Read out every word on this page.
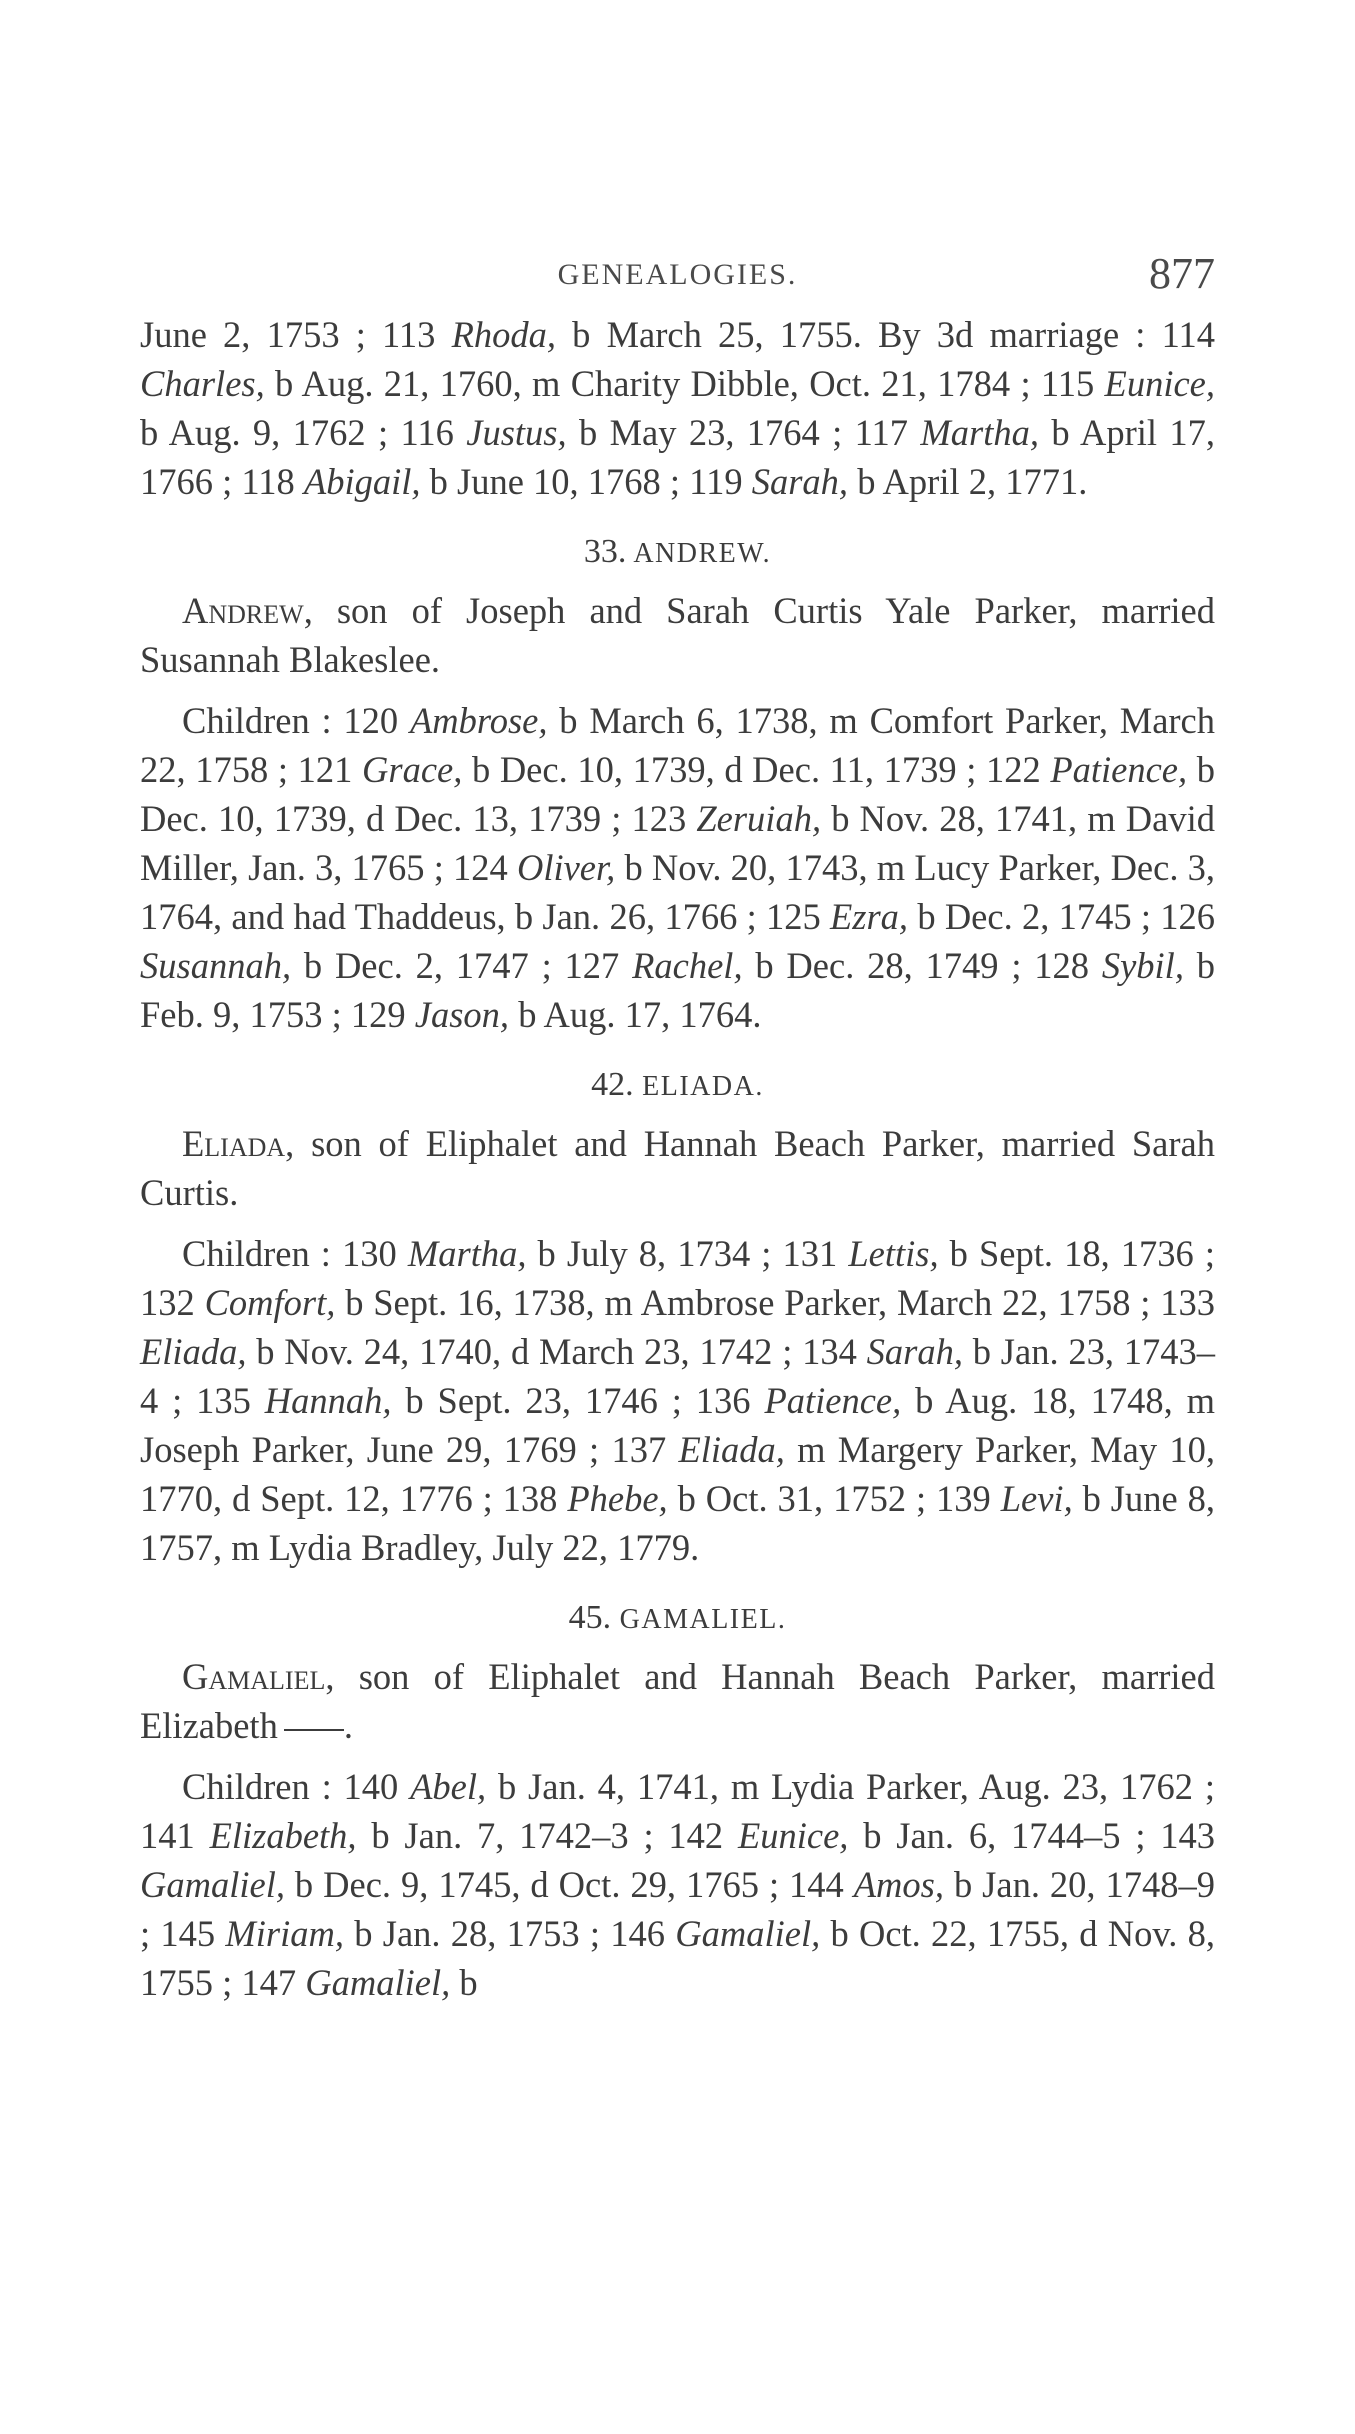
GENEALOGIES.	877

June 2, 1753 ; 113 Rhoda, b March 25, 1755. By 3d marriage : 114 Charles, b Aug. 21, 1760, m Charity Dibble, Oct. 21, 1784 ; 115 Eunice, b Aug. 9, 1762 ; 116 Justus, b May 23, 1764 ; 117 Martha, b April 17, 1766 ; 118 Abigail, b June 10, 1768 ; 119 Sarah, b April 2, 1771.

33. ANDREW.

Andrew, son of Joseph and Sarah Curtis Yale Parker, married Susannah Blakeslee.

Children : 120 Ambrose, b March 6, 1738, m Comfort Parker, March 22, 1758 ; 121 Grace, b Dec. 10, 1739, d Dec. 11, 1739 ; 122 Patience, b Dec. 10, 1739, d Dec. 13, 1739 ; 123 Zeruiah, b Nov. 28, 1741, m David Miller, Jan. 3, 1765 ; 124 Oliver, b Nov. 20, 1743, m Lucy Parker, Dec. 3, 1764, and had Thaddeus, b Jan. 26, 1766 ; 125 Ezra, b Dec. 2, 1745 ; 126 Susannah, b Dec. 2, 1747 ; 127 Rachel, b Dec. 28, 1749 ; 128 Sybil, b Feb. 9, 1753 ; 129 Jason, b Aug. 17, 1764.

42. ELIADA.

Eliada, son of Eliphalet and Hannah Beach Parker, married Sarah Curtis.

Children : 130 Martha, b July 8, 1734 ; 131 Lettis, b Sept. 18, 1736 ; 132 Comfort, b Sept. 16, 1738, m Ambrose Parker, March 22, 1758 ; 133 Eliada, b Nov. 24, 1740, d March 23, 1742 ; 134 Sarah, b Jan. 23, 1743–4 ; 135 Hannah, b Sept. 23, 1746 ; 136 Patience, b Aug. 18, 1748, m Joseph Parker, June 29, 1769 ; 137 Eliada, m Margery Parker, May 10, 1770, d Sept. 12, 1776 ; 138 Phebe, b Oct. 31, 1752 ; 139 Levi, b June 8, 1757, m Lydia Bradley, July 22, 1779.

45. GAMALIEL.

Gamaliel, son of Eliphalet and Hannah Beach Parker, married Elizabeth .

Children : 140 Abel, b Jan. 4, 1741, m Lydia Parker, Aug. 23, 1762 ; 141 Elizabeth, b Jan. 7, 1742–3 ; 142 Eunice, b Jan. 6, 1744–5 ; 143 Gamaliel, b Dec. 9, 1745, d Oct. 29, 1765 ; 144 Amos, b Jan. 20, 1748–9 ; 145 Miriam, b Jan. 28, 1753 ; 146 Gamaliel, b Oct. 22, 1755, d Nov. 8, 1755 ; 147 Gamaliel, b
